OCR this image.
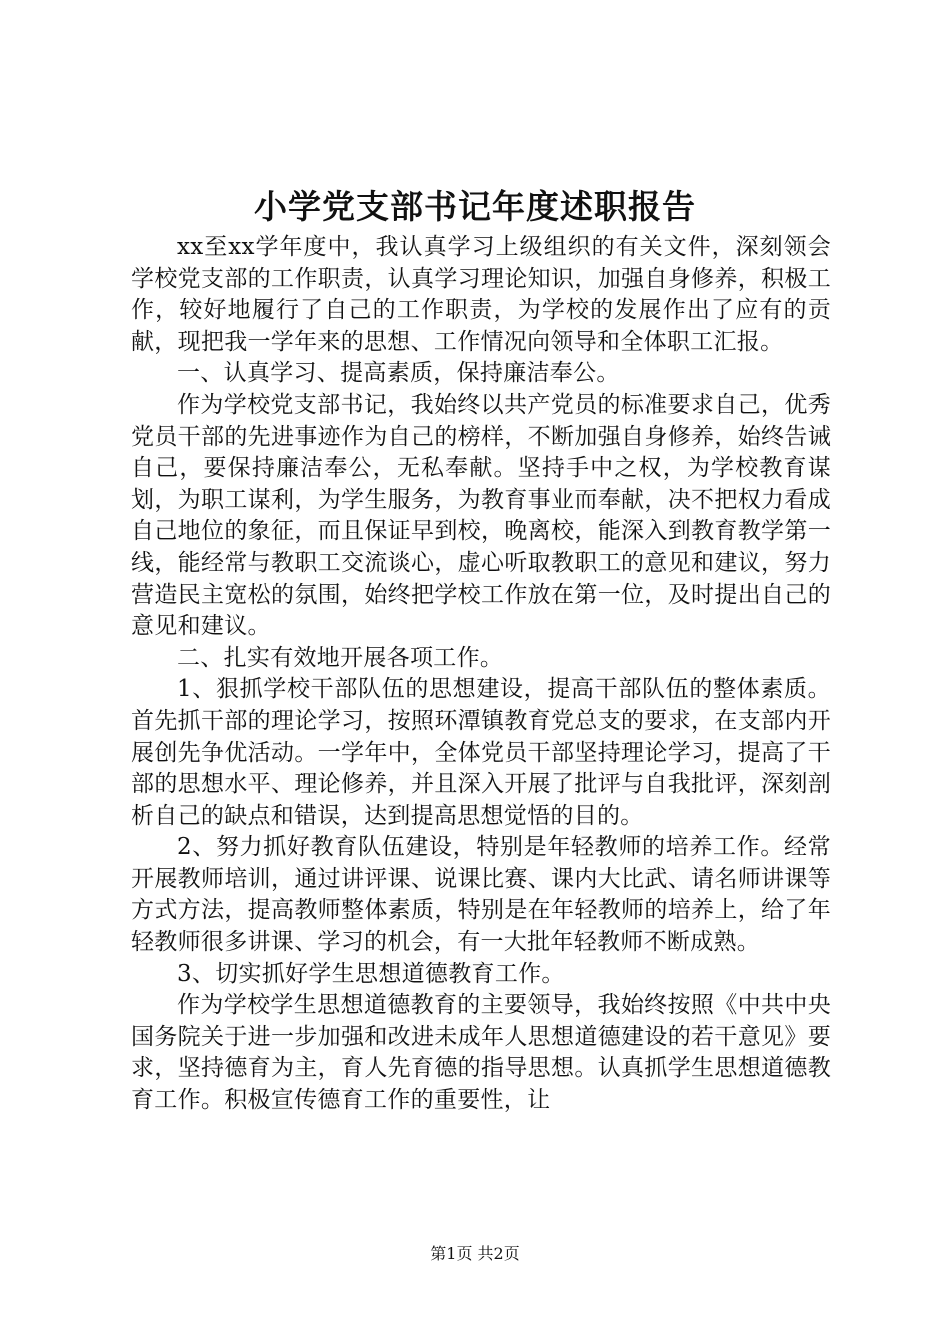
小学党支部书记年度述职报告

xx至xx学年度中，我认真学习上级组织的有关文件，深刻领会学校党支部的工作职责，认真学习理论知识，加强自身修养，积极工作，较好地履行了自己的工作职责，为学校的发展作出了应有的贡献，现把我一学年来的思想、工作情况向领导和全体职工汇报。

一、认真学习、提高素质，保持廉洁奉公。

作为学校党支部书记，我始终以共产党员的标准要求自己，优秀党员干部的先进事迹作为自己的榜样，不断加强自身修养，始终告诫自己，要保持廉洁奉公，无私奉献。坚持手中之权，为学校教育谋划，为职工谋利，为学生服务，为教育事业而奉献，决不把权力看成自己地位的象征，而且保证早到校，晚离校，能深入到教育教学第一线，能经常与教职工交流谈心，虚心听取教职工的意见和建议，努力营造民主宽松的氛围，始终把学校工作放在第一位，及时提出自己的意见和建议。

二、扎实有效地开展各项工作。

1、狠抓学校干部队伍的思想建设，提高干部队伍的整体素质。首先抓干部的理论学习，按照环潭镇教育党总支的要求，在支部内开展创先争优活动。一学年中，全体党员干部坚持理论学习，提高了干部的思想水平、理论修养，并且深入开展了批评与自我批评，深刻剖析自己的缺点和错误，达到提高思想觉悟的目的。

2、努力抓好教育队伍建设，特别是年轻教师的培养工作。经常开展教师培训，通过讲评课、说课比赛、课内大比武、请名师讲课等方式方法，提高教师整体素质，特别是在年轻教师的培养上，给了年轻教师很多讲课、学习的机会，有一大批年轻教师不断成熟。

3、切实抓好学生思想道德教育工作。

作为学校学生思想道德教育的主要领导，我始终按照《中共中央国务院关于进一步加强和改进未成年人思想道德建设的若干意见》要求，坚持德育为主，育人先育德的指导思想。认真抓学生思想道德教育工作。积极宣传德育工作的重要性，让

第1页 共2页
